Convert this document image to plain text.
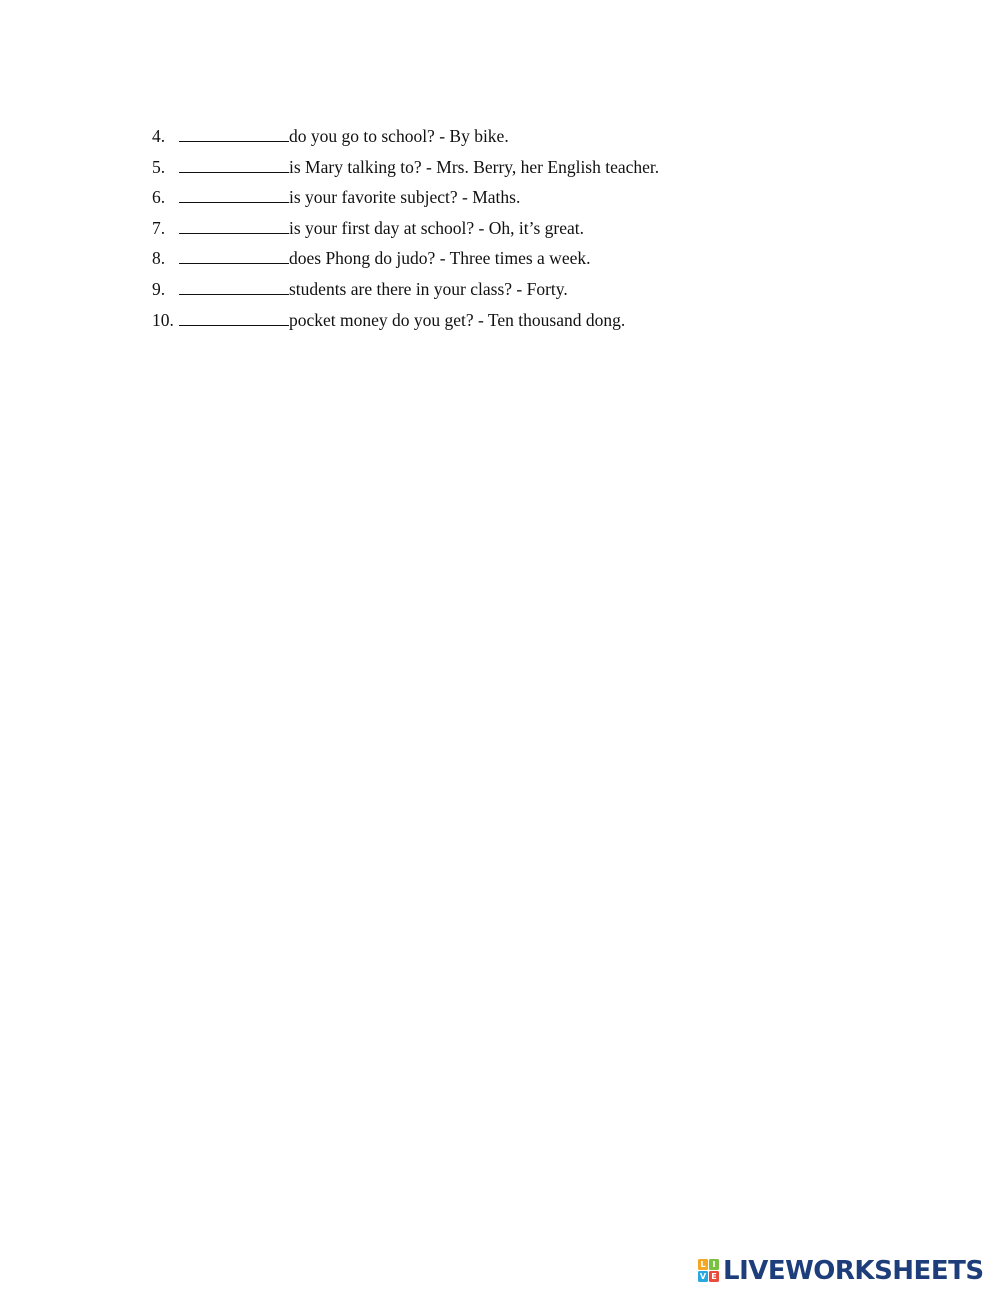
4.	do you go to school? - By bike.
5.	is Mary talking to? - Mrs. Berry, her English teacher.
6.	is your favorite subject? - Maths.
7.	is your first day at school? - Oh, it’s great.
8.	does Phong do judo? - Three times a week.
9.	students are there in your class? - Forty.
10.	pocket money do you get? - Ten thousand dong.
L I
V E LIVEWORKSHEETS
